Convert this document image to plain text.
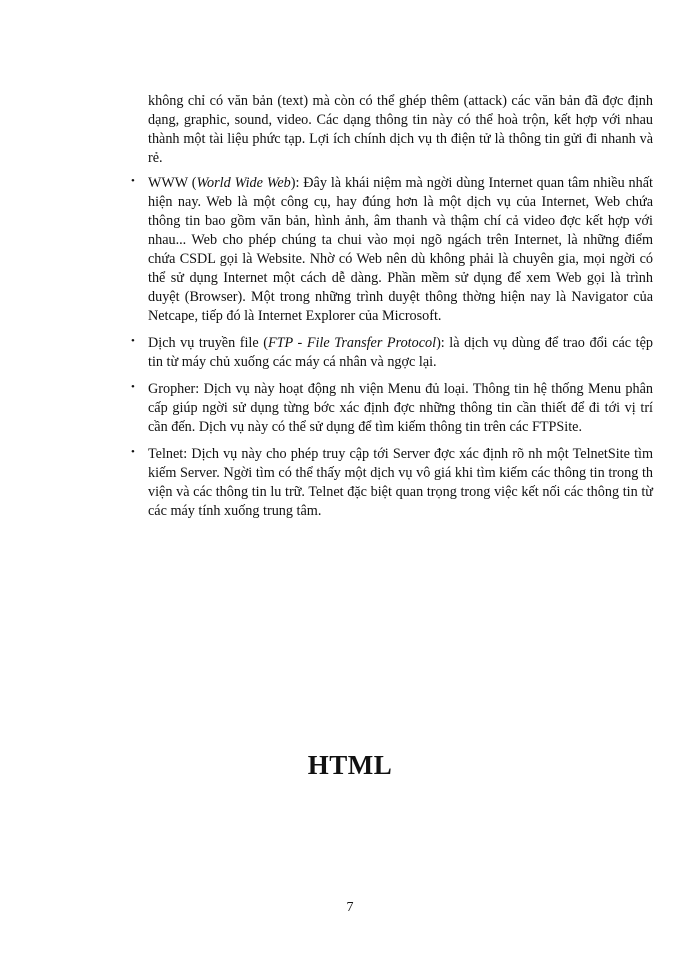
không chỉ có văn bản (text) mà còn có thể ghép thêm (attack) các văn bản đã đợc định dạng, graphic, sound, video. Các dạng thông tin này có thể hoà trộn, kết hợp với nhau thành một tài liệu phức tạp. Lợi ích chính dịch vụ th điện tử là thông tin gửi đi nhanh và rẻ.

• WWW (World Wide Web): Đây là khái niệm mà ngời dùng Internet quan tâm nhiều nhất hiện nay. Web là một công cụ, hay đúng hơn là một dịch vụ của Internet, Web chứa thông tin bao gồm văn bản, hình ảnh, âm thanh và thậm chí cả video đợc kết hợp với nhau... Web cho phép chúng ta chui vào mọi ngõ ngách trên Internet, là những điểm chứa CSDL gọi là Website. Nhờ có Web nên dù không phải là chuyên gia, mọi ngời có thể sử dụng Internet một cách dễ dàng. Phần mềm sử dụng để xem Web gọi là trình duyệt (Browser). Một trong những trình duyệt thông thờng hiện nay là Navigator của Netcape, tiếp đó là Internet Explorer của Microsoft.

• Dịch vụ truyền file (FTP - File Transfer Protocol): là dịch vụ dùng để trao đổi các tệp tin từ máy chủ xuống các máy cá nhân và ngợc lại.

• Gropher: Dịch vụ này hoạt động nh viện Menu đủ loại. Thông tin hệ thống Menu phân cấp giúp ngời sử dụng từng bớc xác định đợc những thông tin cần thiết để đi tới vị trí cần đến. Dịch vụ này có thể sử dụng để tìm kiếm thông tin trên các FTPSite.

• Telnet: Dịch vụ này cho phép truy cập tới Server đợc xác định rõ nh một TelnetSite tìm kiếm Server. Ngời tìm có thể thấy một dịch vụ vô giá khi tìm kiếm các thông tin trong th viện và các thông tin lu trữ. Telnet đặc biệt quan trọng trong việc kết nối các thông tin từ các máy tính xuống trung tâm.

HTML
7
